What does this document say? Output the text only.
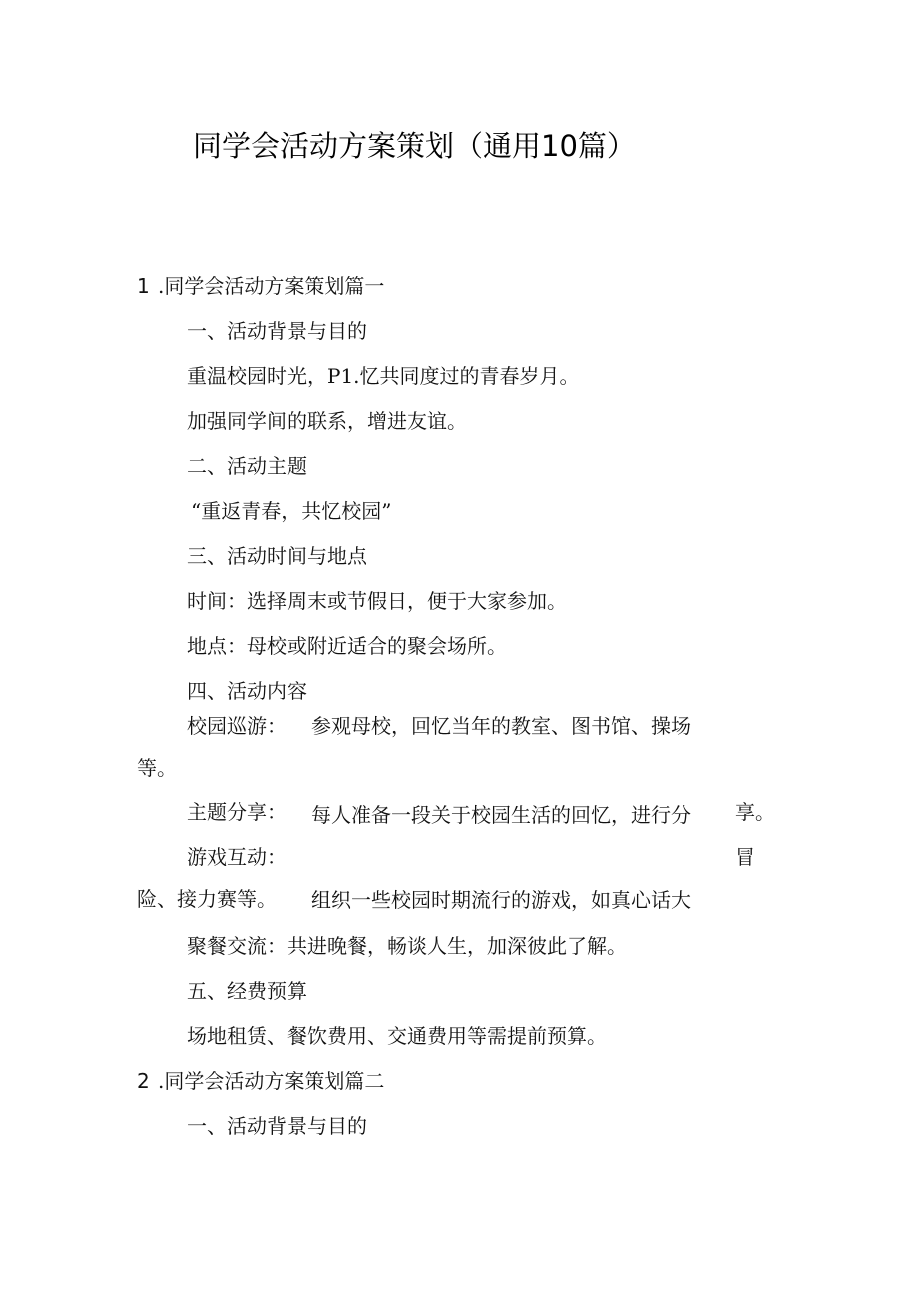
同学会活动方案策划（通用10篇）
1 .同学会活动方案策划篇一
一、活动背景与目的
重温校园时光，P1.忆共同度过的青春岁月。
加强同学间的联系，增进友谊。
二、活动主题
“重返青春，共忆校园”
三、活动时间与地点
时间：选择周末或节假日，便于大家参加。
地点：母校或附近适合的聚会场所。
四、活动内容
校园巡游： 参观母校，回忆当年的教室、图书馆、操场
等。
主题分享： 每人准备一段关于校园生活的回忆，进行分 享。
游戏互动：	冒
险、接力赛等。 组织一些校园时期流行的游戏，如真心话大
聚餐交流：共进晚餐，畅谈人生，加深彼此了解。
五、经费预算
场地租赁、餐饮费用、交通费用等需提前预算。
2 .同学会活动方案策划篇二
一、活动背景与目的
